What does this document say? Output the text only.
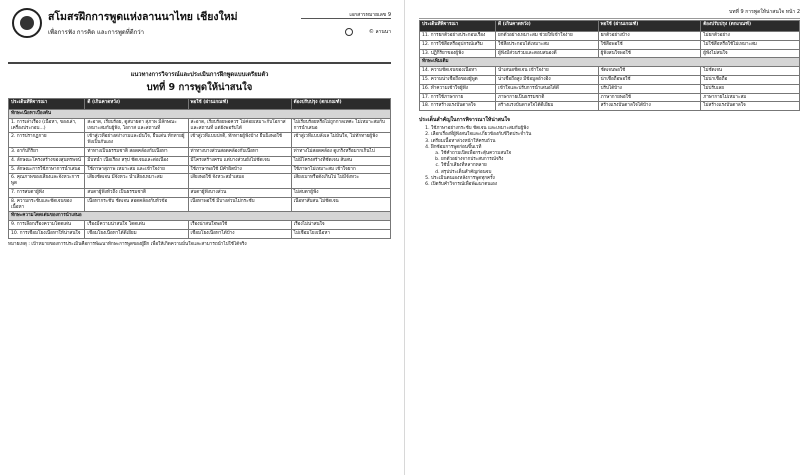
สโมสรฝึกการพูดแห่งลานนาไทย เชียงใหม่	เอกสารหมายเลข 9
เพื่อการฟัง การคิด และการพูดที่ดีกว่า	© ลานนา
แนวทางการวิจารณ์และประเมินการฝึกพูดแบบเตรียมตัว
บทที่ 9 การพูดให้น่าสนใจ
ประเด็นที่พิจารณา	ดี (เกินคาดหวัง)	พอใช้ (ผ่านเกณฑ์)	ต้องปรับปรุง (ตกเกณฑ์)
ทักษะเนื้อหาเบื้องต้น			
1. การเล่าเรื่อง (เนื้อหา, ของเล่า, เครื่องประกอบ...)	สะอาด, เรียบร้อย, ดูสบายตา สุภาพ มีลักษณะเหมาะสมกับผู้ฟัง, โอกาส และสถานที่	สะอาด, เรียบร้อยพอควร ไม่ค่อยเหมาะกับโอกาสและสถานที่ แต่ยังพอรับได้	ไม่เรียบร้อยหรือไม่ถูกกาลเทศะ ไม่เหมาะสมกับการนำเสนอ
2. การปรากฏกาย	เข้าสู่เวทีอย่างสง่างามและมั่นใจ, ยืนเด่น ทักทายผู้ฟังเป็นกันเอง	เข้าสู่เวทีแบบปกติ, ทักทายผู้ฟังบ้าง ยืนนิ่งพอใช้	เข้าสู่เวทีแบบลังเล ไม่มั่นใจ, ไม่ทักทายผู้ฟัง
3. อากัปกิริยา	ท่าทางเป็นธรรมชาติ สอดคล้องกับเนื้อหา	ท่าทางบางส่วนสอดคล้องกับเนื้อหา	ท่าทางไม่สอดคล้อง ดูเกร็งหรือมากเกินไป
4. ลักษณะโครงสร้างของสุนทรพจน์	มีบทนำ เนื้อเรื่อง สรุป ชัดเจนและต่อเนื่อง	มีโครงสร้างครบ แต่บางส่วนยังไม่ชัดเจน	ไม่มีโครงสร้างที่ชัดเจน สับสน
5. ลักษณะการใช้ภาษาการนำเสนอ	ใช้ภาษาสุภาพ เหมาะสม และเข้าใจง่าย	ใช้ภาษาพอใช้ มีคำผิดบ้าง	ใช้ภาษาไม่เหมาะสม เข้าใจยาก
6. คุณภาพของเสียงและจังหวะการพูด	เสียงชัดเจน มีจังหวะ น้ำเสียงเหมาะสม	เสียงพอใช้ จังหวะสม่ำเสมอ	เสียงเบาหรือดังเกินไป ไม่มีจังหวะ
7. การสบตาผู้ฟัง	สบตาผู้ฟังทั่วถึง เป็นธรรมชาติ	สบตาผู้ฟังบางส่วน	ไม่สบตาผู้ฟัง
8. ความกระชับและชัดเจนของเนื้อหา	เนื้อหากระชับ ชัดเจน สอดคล้องกับหัวข้อ	เนื้อหาพอใช้ มีบางส่วนไม่กระชับ	เนื้อหาสับสน ไม่ชัดเจน
ทักษะความโดดเด่นของการนำเสนอ			
9. การเลือกเรื่องความโดดเด่น	เรื่องมีความน่าสนใจ โดดเด่น	เรื่องน่าสนใจพอใช้	เรื่องไม่น่าสนใจ
10. การเชื่อมโยงเนื้อหาให้น่าสนใจ	เชื่อมโยงเนื้อหาได้ดีเยี่ยม	เชื่อมโยงเนื้อหาได้บ้าง	ไม่เชื่อมโยงเนื้อหา
หมายเหตุ : เป้าหมายของการประเมินคือการพัฒนาทักษะการพูดของผู้ฝึก เพื่อให้เกิดความมั่นใจและสามารถนำไปใช้ได้จริง
บทที่ 9 การพูดให้น่าสนใจ หน้า 2
ประเด็นที่พิจารณา	ดี (เกินคาดหวัง)	พอใช้ (ผ่านเกณฑ์)	ต้องปรับปรุง (ตกเกณฑ์)
11. การยกตัวอย่างประกอบเรื่อง	ยกตัวอย่างเหมาะสม ช่วยให้เข้าใจง่าย	ยกตัวอย่างบ้าง	ไม่ยกตัวอย่าง
12. การใช้สื่อหรืออุปกรณ์เสริม	ใช้สื่อประกอบได้เหมาะสม	ใช้สื่อพอใช้	ไม่ใช้สื่อหรือใช้ไม่เหมาะสม
13. ปฏิกิริยาของผู้ฟัง	ผู้ฟังมีส่วนร่วมและตอบสนองดี	ผู้ฟังสนใจพอใช้	ผู้ฟังไม่สนใจ
ทักษะเพิ่มเติม			
14. ความชัดเจนของเนื้อหา	นำเสนอชัดเจน เข้าใจง่าย	ชัดเจนพอใช้	ไม่ชัดเจน
15. ความน่าเชื่อถือของผู้พูด	น่าเชื่อถือสูง มีข้อมูลอ้างอิง	น่าเชื่อถือพอใช้	ไม่น่าเชื่อถือ
16. ทำความเข้าใจผู้ฟัง	เข้าใจและปรับการนำเสนอได้ดี	ปรับได้บ้าง	ไม่ปรับเลย
17. การใช้ภาษากาย	ภาษากายเป็นธรรมชาติ	ภาษากายพอใช้	ภาษากายไม่เหมาะสม
18. การสร้างแรงบันดาลใจ	สร้างแรงบันดาลใจได้ดีเยี่ยม	สร้างแรงบันดาลใจได้บ้าง	ไม่สร้างแรงบันดาลใจ
ประเด็นสำคัญในการพิจารณาให้น่าสนใจ
1. ใช้ภาษาอย่างกระชับ ชัดเจน และเหมาะสมกับผู้ฟัง
2. เลือกเรื่องที่ผู้ฟังสนใจและเกี่ยวข้องกับชีวิตประจำวัน
3. เตรียมเนื้อหาล่วงหน้าให้ครบถ้วน
4. ฝึกซ้อมการพูดก่อนขึ้นเวที
a. ใช้คำถามเปิดเพื่อกระตุ้นความสนใจ
b. ยกตัวอย่างจากประสบการณ์จริง
c. ใช้น้ำเสียงที่หลากหลาย
d. สรุปประเด็นสำคัญก่อนจบ
5. ประเมินตนเองหลังการพูดทุกครั้ง
6. เปิดรับคำวิจารณ์เพื่อพัฒนาตนเอง
